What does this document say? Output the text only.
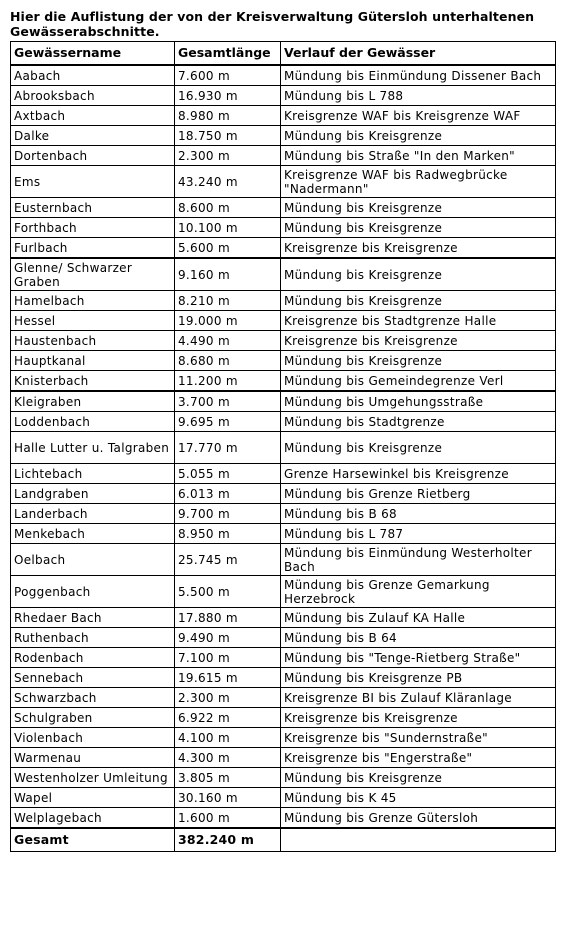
Hier die Auflistung der von der Kreisverwaltung Gütersloh unterhaltenen Gewässerabschnitte.
Gewässername	Gesamtlänge	Verlauf der Gewässer
Aabach	7.600 m	Mündung bis Einmündung Dissener Bach
Abrooksbach	16.930 m	Mündung bis L 788
Axtbach	8.980 m	Kreisgrenze WAF bis Kreisgrenze WAF
Dalke	18.750 m	Mündung bis Kreisgrenze
Dortenbach	2.300 m	Mündung bis Straße "In den Marken"
Ems	43.240 m	Kreisgrenze WAF bis Radwegbrücke "Nadermann"
Eusternbach	8.600 m	Mündung bis Kreisgrenze
Forthbach	10.100 m	Mündung bis Kreisgrenze
Furlbach	5.600 m	Kreisgrenze bis Kreisgrenze
Glenne/ Schwarzer Graben	9.160 m	Mündung bis Kreisgrenze
Hamelbach	8.210 m	Mündung bis Kreisgrenze
Hessel	19.000 m	Kreisgrenze bis Stadtgrenze Halle
Haustenbach	4.490 m	Kreisgrenze bis Kreisgrenze
Hauptkanal	8.680 m	Mündung bis Kreisgrenze
Knisterbach	11.200 m	Mündung bis Gemeindegrenze Verl
Kleigraben	3.700 m	Mündung bis Umgehungsstraße
Loddenbach	9.695 m	Mündung bis Stadtgrenze
Halle Lutter u. Talgraben	17.770 m	Mündung bis Kreisgrenze
Lichtebach	5.055 m	Grenze Harsewinkel bis Kreisgrenze
Landgraben	6.013 m	Mündung bis Grenze Rietberg
Landerbach	9.700 m	Mündung bis B 68
Menkebach	8.950 m	Mündung bis L 787
Oelbach	25.745 m	Mündung bis Einmündung Westerholter Bach
Poggenbach	5.500 m	Mündung bis Grenze Gemarkung Herzebrock
Rhedaer Bach	17.880 m	Mündung bis Zulauf KA Halle
Ruthenbach	9.490 m	Mündung bis B 64
Rodenbach	7.100 m	Mündung bis "Tenge-Rietberg Straße"
Sennebach	19.615 m	Mündung bis Kreisgrenze PB
Schwarzbach	2.300 m	Kreisgrenze BI bis Zulauf Kläranlage
Schulgraben	6.922 m	Kreisgrenze bis Kreisgrenze
Violenbach	4.100 m	Kreisgrenze bis "Sundernstraße"
Warmenau	4.300 m	Kreisgrenze bis "Engerstraße"
Westenholzer Umleitung	3.805 m	Mündung bis Kreisgrenze
Wapel	30.160 m	Mündung bis K 45
Welplagebach	1.600 m	Mündung bis Grenze Gütersloh
Gesamt	382.240 m	
